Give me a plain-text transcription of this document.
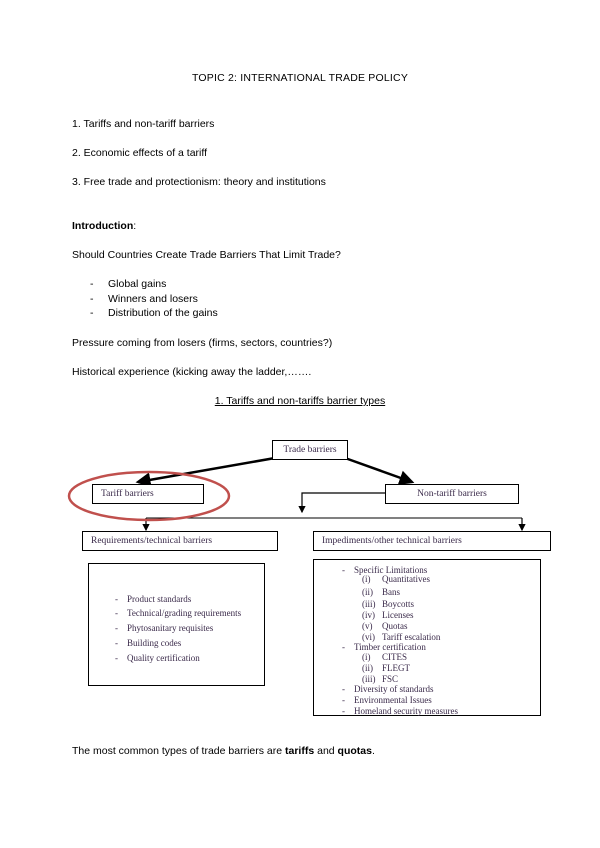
TOPIC 2: INTERNATIONAL TRADE POLICY
1. Tariffs and non-tariff barriers
2. Economic effects of a tariff
3. Free trade and protectionism: theory and institutions
Introduction:
Should Countries Create Trade Barriers That Limit Trade?
- Global gains
- Winners and losers
- Distribution of the gains
Pressure coming from losers (firms, sectors, countries?)
Historical experience (kicking away the ladder,…….
1. Tariffs and non-tariffs barrier types
Trade barriers
Tariff barriers	Non-tariff barriers
Requirements/technical barriers	Impediments/other technical barriers
- Product standards
- Technical/grading requirements
- Phytosanitary requisites
- Building codes
- Quality certification
- Specific Limitations
(i) Quantitatives
(ii) Bans
(iii) Boycotts
(iv) Licenses
(v) Quotas
(vi) Tariff escalation
- Timber certification
(i) CITES
(ii) FLEGT
(iii) FSC
- Diversity of standards
- Environmental Issues
- Homeland security measures
The most common types of trade barriers are tariffs and quotas.
